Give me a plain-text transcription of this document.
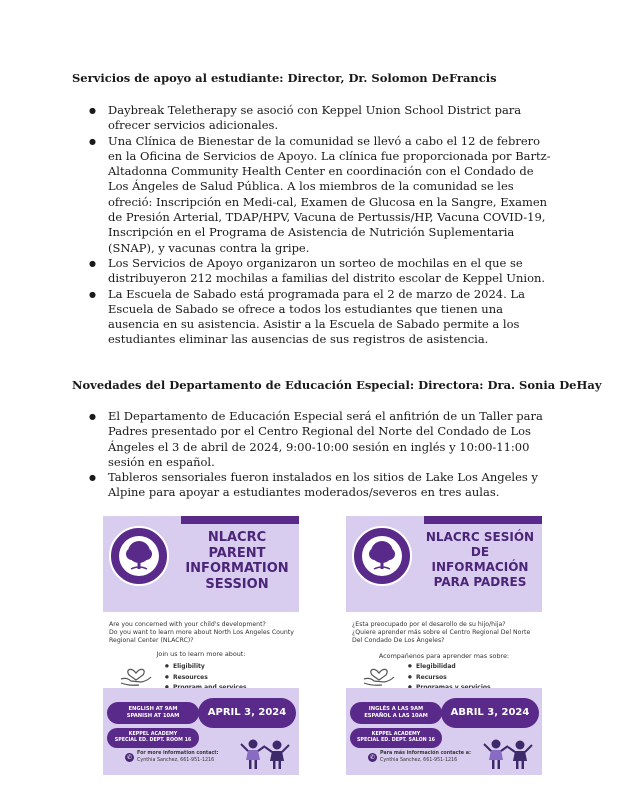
Servicios de apoyo al estudiante: Director, Dr. Solomon DeFrancis
● Daybreak Teletherapy se asoció con Keppel Union School District para ofrecer servicios adicionales.
● Una Clínica de Bienestar de la comunidad se llevó a cabo el 12 de febrero en la Oficina de Servicios de Apoyo. La clínica fue proporcionada por Bartz-Altadonna Community Health Center en coordinación con el Condado de Los Ángeles de Salud Pública. A los miembros de la comunidad se les ofreció: Inscripción en Medi-cal, Examen de Glucosa en la Sangre, Examen de Presión Arterial, TDAP/HPV, Vacuna de Pertussis/HP, Vacuna COVID-19, Inscripción en el Programa de Asistencia de Nutrición Suplementaria (SNAP), y vacunas contra la gripe.
● Los Servicios de Apoyo organizaron un sorteo de mochilas en el que se distribuyeron 212 mochilas a familias del distrito escolar de Keppel Union.
● La Escuela de Sabado está programada para el 2 de marzo de 2024. La Escuela de Sabado se ofrece a todos los estudiantes que tienen una ausencia en su asistencia. Asistir a la Escuela de Sabado permite a los estudiantes eliminar las ausencias de sus registros de asistencia.
Novedades del Departamento de Educación Especial: Directora: Dra. Sonia DeHay
● El Departamento de Educación Especial será el anfitrión de un Taller para Padres presentado por el Centro Regional del Norte del Condado de Los Ángeles el 3 de abril de 2024, 9:00-10:00 sesión en inglés y 10:00-11:00 sesión en español.
● Tableros sensoriales fueron instalados en los sitios de Lake Los Angeles y Alpine para apoyar a estudiantes moderados/severos en tres aulas.
NLACRC PARENT INFORMATION SESSION
Are you concerned with your child's development?
Do you want to learn more about North Los Angeles County Regional Center (NLACRC)?
Join us to learn more about:
● Eligibility
● Resources
●
ENGLISH AT 9AM
SPANISH AT 10AM
KEPPEL ACADEMY
SPECIAL ED. DEPT. ROOM 16
APRIL 3, 2024
✆
For more information contact:
Cynthia Sanchez, 661-951-1216
NLACRC SESIÓN DE INFORMACIÓN PARA PADRES
¿Esta preocupado por el desarollo de su hijo/hija?
¿Quiere aprender más sobre el Centro Regional Del Norte Del Condado De Los Ángeles?
Acompañenos para aprender mas sobre:
● Elegibilidad
● Recursos
●
INGLÉS A LAS 9AM
ESPAÑOL A LAS 10AM
KEPPEL ACADEMY
SPECIAL ED. DEPT. SALON 16
ABRIL 3, 2024
✆
Para más información contacte a:
Cynthia Sanchez, 661-951-1216
